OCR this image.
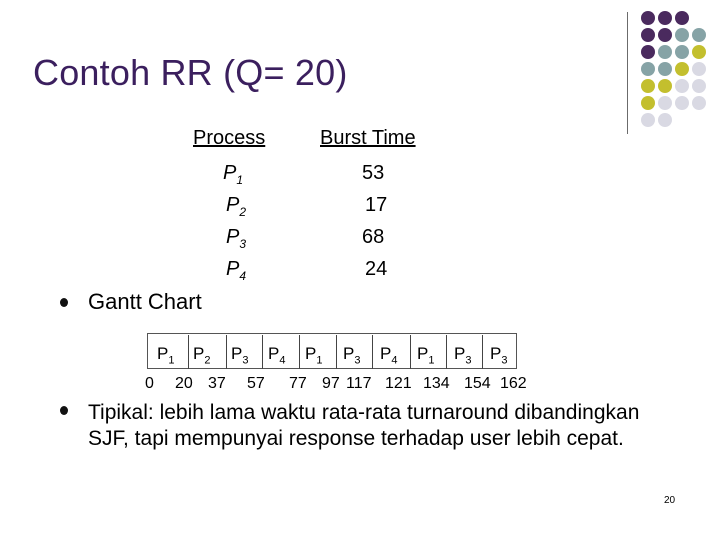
Contoh RR (Q= 20)
Process	Burst Time
$P_1$
$P_2$
$P_3$
$P_4$
53
17
68
24
Gantt Chart
$P_1$ $P_2$ $P_3$ $P_4$ $P_1$ $P_3$ $P_4$ $P_1$ $P_3$ $P_3$
0 20 37 57 77 97 117 121 134 154 162

Tipikal: lebih lama waktu rata-rata turnaround dibandingkan SJF, tapi mempunyai response terhadap user lebih cepat.

20
